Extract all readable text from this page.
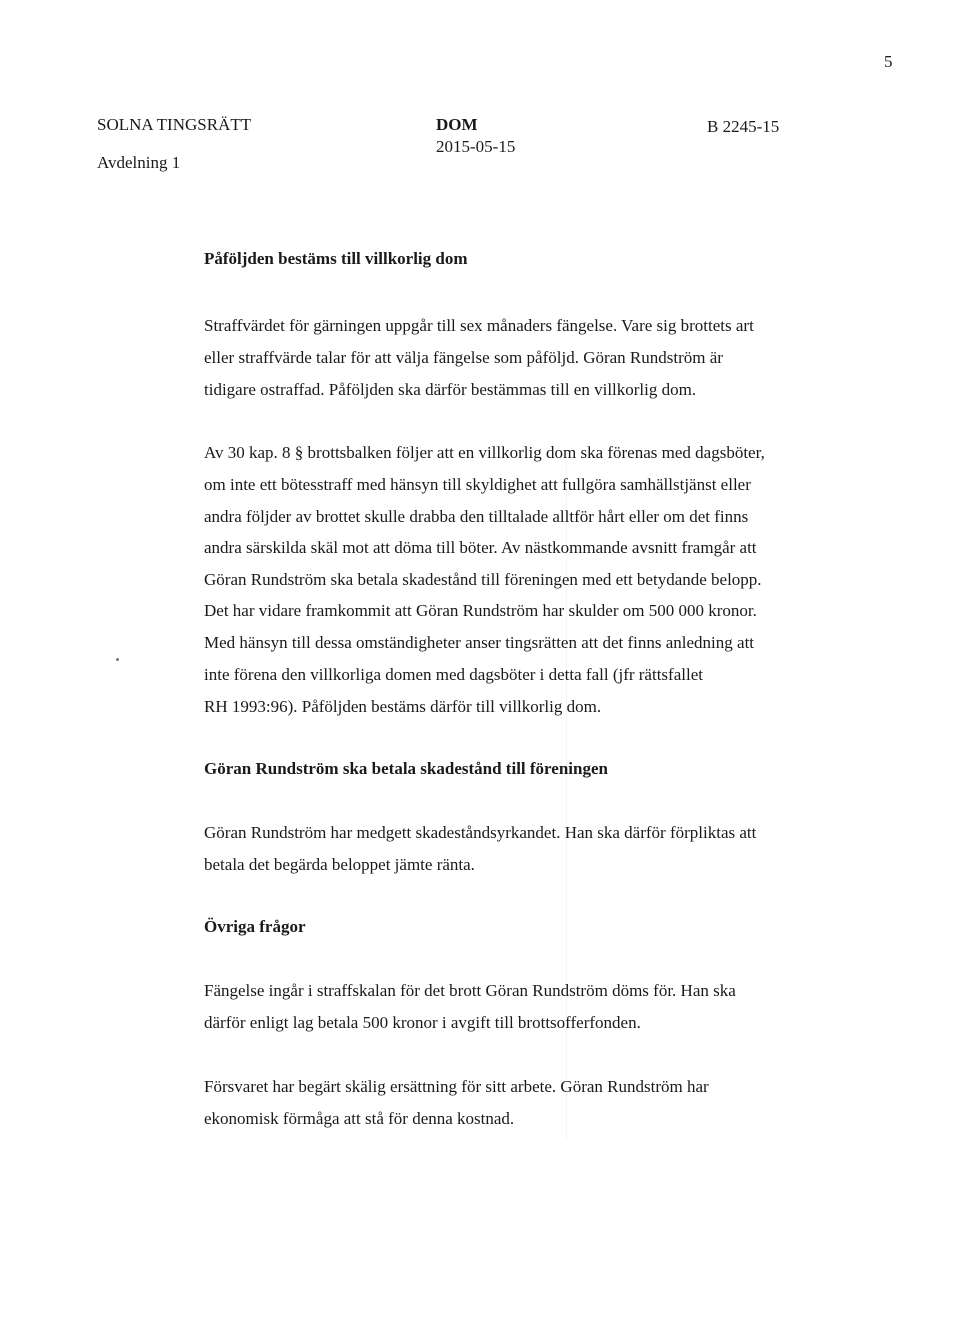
5
SOLNA TINGSRÄTT
Avdelning 1
DOM
2015-05-15
B 2245-15
Påföljden bestäms till villkorlig dom
Straffvärdet för gärningen uppgår till sex månaders fängelse. Vare sig brottets art
eller straffvärde talar för att välja fängelse som påföljd. Göran Rundström är
tidigare ostraffad. Påföljden ska därför bestämmas till en villkorlig dom.
Av 30 kap. 8 § brottsbalken följer att en villkorlig dom ska förenas med dagsböter,
om inte ett bötesstraff med hänsyn till skyldighet att fullgöra samhällstjänst eller
andra följder av brottet skulle drabba den tilltalade alltför hårt eller om det finns
andra särskilda skäl mot att döma till böter. Av nästkommande avsnitt framgår att
Göran Rundström ska betala skadestånd till föreningen med ett betydande belopp.
Det har vidare framkommit att Göran Rundström har skulder om 500 000 kronor.
Med hänsyn till dessa omständigheter anser tingsrätten att det finns anledning att
inte förena den villkorliga domen med dagsböter i detta fall (jfr rättsfallet
RH 1993:96). Påföljden bestäms därför till villkorlig dom.
Göran Rundström ska betala skadestånd till föreningen
Göran Rundström har medgett skadeståndsyrkandet. Han ska därför förpliktas att
betala det begärda beloppet jämte ränta.
Övriga frågor
Fängelse ingår i straffskalan för det brott Göran Rundström döms för. Han ska
därför enligt lag betala 500 kronor i avgift till brottsofferfonden.
Försvaret har begärt skälig ersättning för sitt arbete. Göran Rundström har
ekonomisk förmåga att stå för denna kostnad.
